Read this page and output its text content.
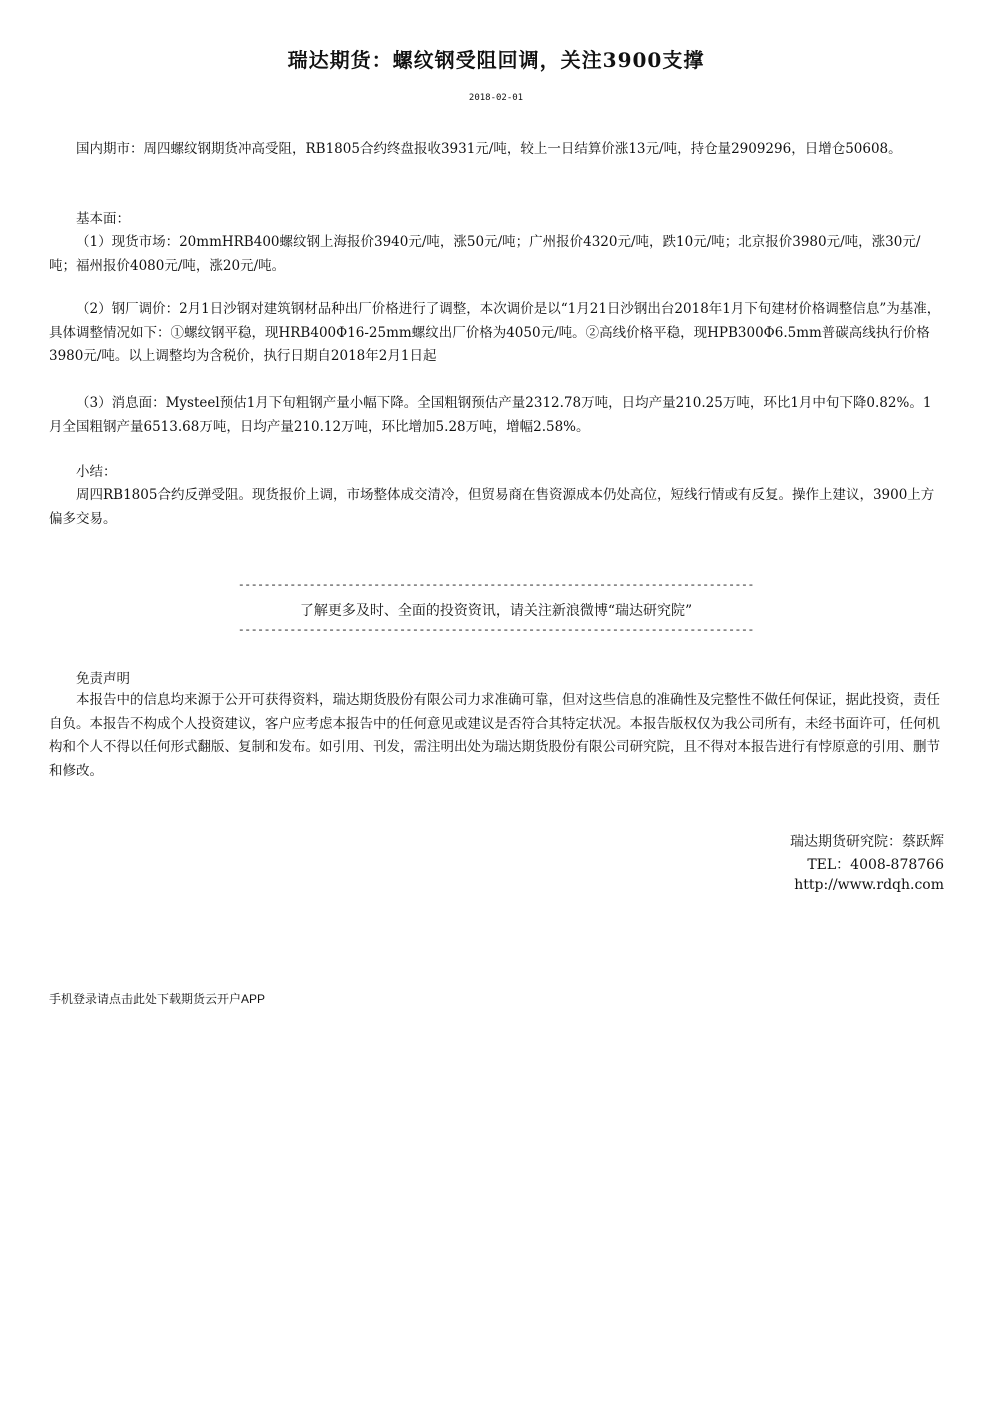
瑞达期货：螺纹钢受阻回调，关注3900支撑
2018-02-01

国内期市：周四螺纹钢期货冲高受阻，RB1805合约终盘报收3931元/吨，较上一日结算价涨13元/吨，持仓量2909296，日增仓50608。

基本面：

（1）现货市场：20mmHRB400螺纹钢上海报价3940元/吨，涨50元/吨；广州报价4320元/吨，跌10元/吨；北京报价3980元/吨，涨30元/吨；福州报价4080元/吨，涨20元/吨。

（2）钢厂调价：2月1日沙钢对建筑钢材品种出厂价格进行了调整，本次调价是以“1月21日沙钢出台2018年1月下旬建材价格调整信息”为基准，具体调整情况如下：①螺纹钢平稳，现HRB400Φ16-25mm螺纹出厂价格为4050元/吨。②高线价格平稳，现HPB300Φ6.5mm普碳高线执行价格3980元/吨。以上调整均为含税价，执行日期自2018年2月1日起

（3）消息面：Mysteel预估1月下旬粗钢产量小幅下降。全国粗钢预估产量2312.78万吨，日均产量210.25万吨，环比1月中旬下降0.82%。1月全国粗钢产量6513.68万吨，日均产量210.12万吨，环比增加5.28万吨，增幅2.58%。

小结：

周四RB1805合约反弹受阻。现货报价上调，市场整体成交清冷，但贸易商在售资源成本仍处高位，短线行情或有反复。操作上建议，3900上方偏多交易。

--------------------------------------------------------------------------------
了解更多及时、全面的投资资讯，请关注新浪微博“瑞达研究院”
--------------------------------------------------------------------------------

免责声明

本报告中的信息均来源于公开可获得资料，瑞达期货股份有限公司力求准确可靠，但对这些信息的准确性及完整性不做任何保证，据此投资，责任自负。本报告不构成个人投资建议，客户应考虑本报告中的任何意见或建议是否符合其特定状况。本报告版权仅为我公司所有，未经书面许可，任何机构和个人不得以任何形式翻版、复制和发布。如引用、刊发，需注明出处为瑞达期货股份有限公司研究院，且不得对本报告进行有悖原意的引用、删节和修改。

瑞达期货研究院：蔡跃辉
TEL：4008-878766
http://www.rdqh.com
手机登录请点击此处下载期货云开户APP
